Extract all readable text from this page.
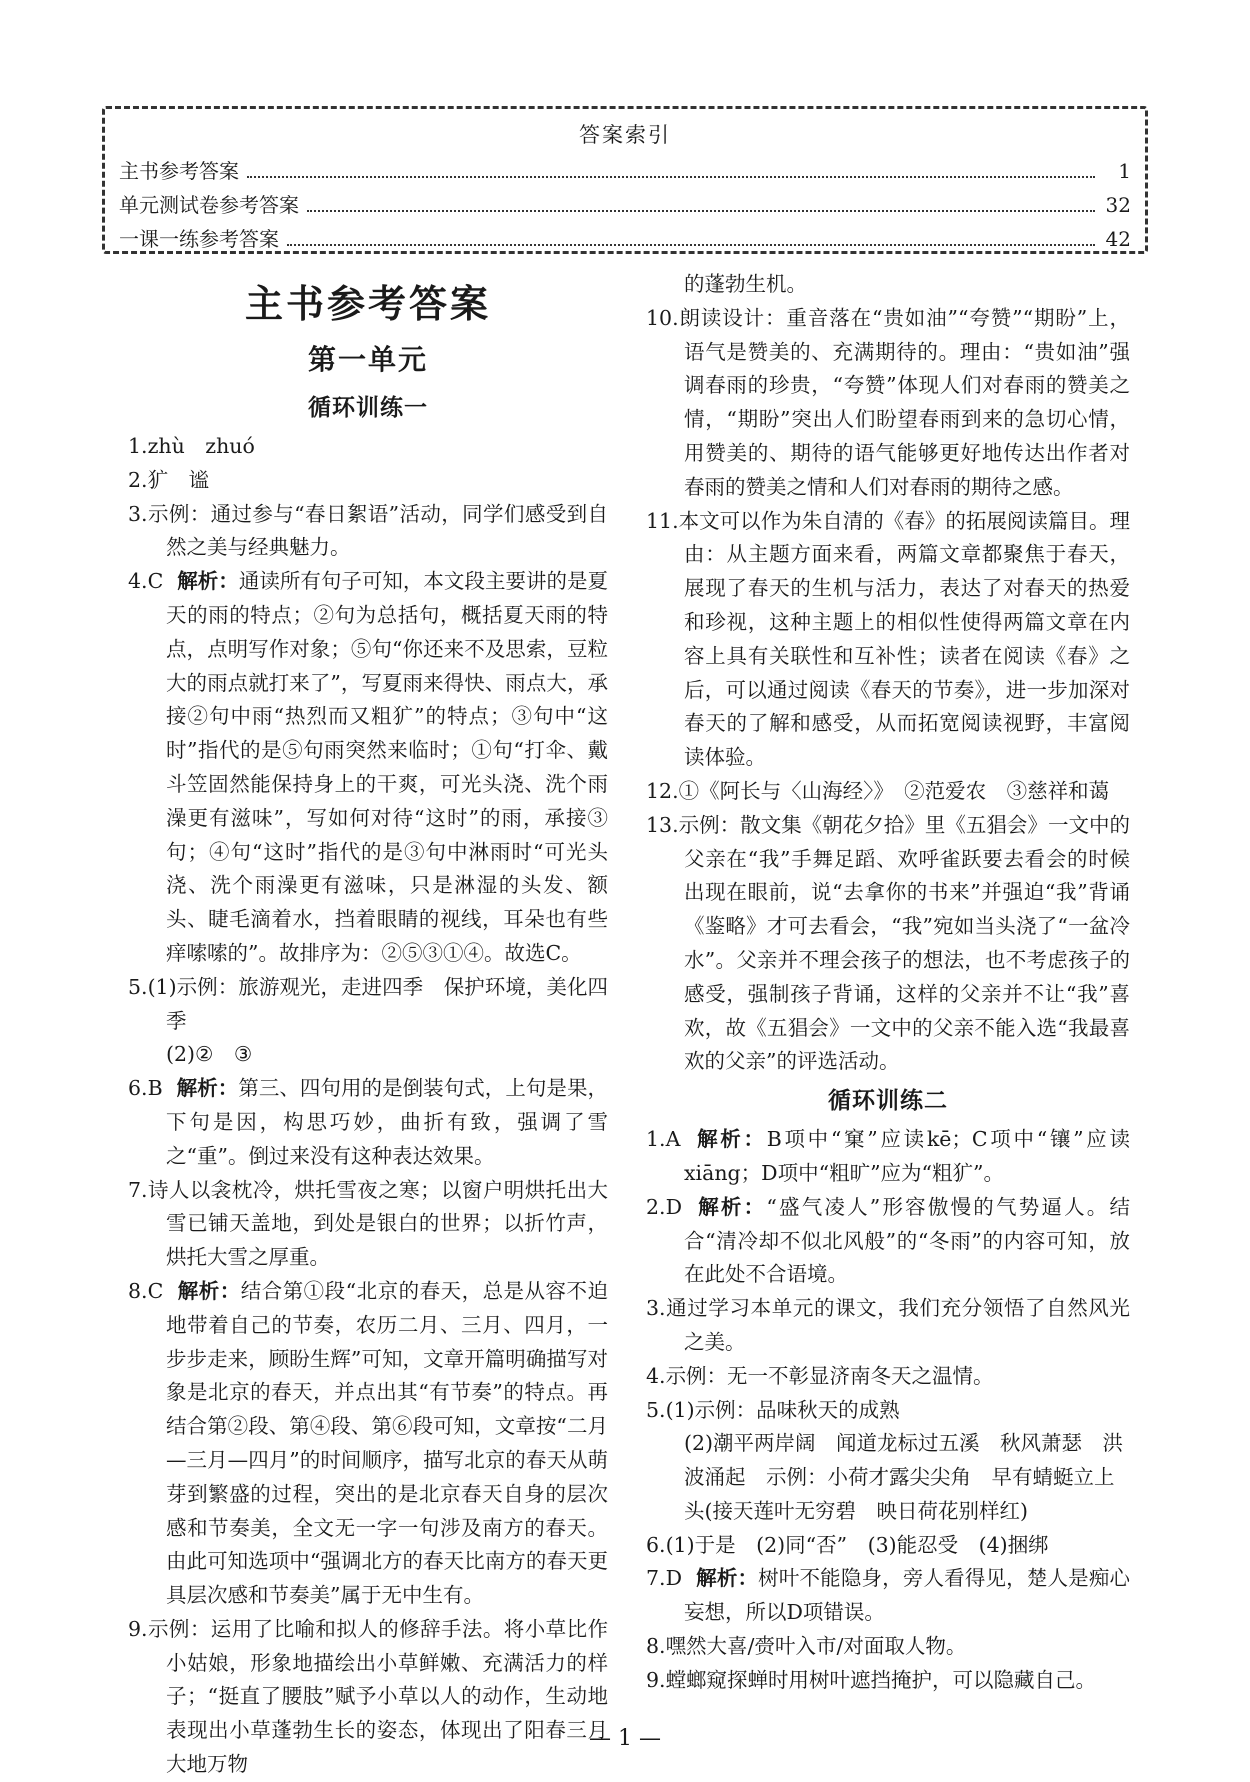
答案索引
主书参考答案	1
单元测试卷参考答案	32
一课一练参考答案	42
主书参考答案
第一单元
循环训练一
1.zhù　zhuó
2.犷　谧
3.示例：通过参与“春日絮语”活动，同学们感受到自然之美与经典魅力。
4.C 解析：通读所有句子可知，本文段主要讲的是夏天的雨的特点；②句为总括句，概括夏天雨的特点，点明写作对象；⑤句“你还来不及思索，豆粒大的雨点就打来了”，写夏雨来得快、雨点大，承接②句中雨“热烈而又粗犷”的特点；③句中“这时”指代的是⑤句雨突然来临时；①句“打伞、戴斗笠固然能保持身上的干爽，可光头浇、洗个雨澡更有滋味”，写如何对待“这时”的雨，承接③句；④句“这时”指代的是③句中淋雨时“可光头浇、洗个雨澡更有滋味，只是淋湿的头发、额头、睫毛滴着水，挡着眼睛的视线，耳朵也有些痒嗦嗦的”。故排序为：②⑤③①④。故选C。
5.(1)示例：旅游观光，走进四季　保护环境，美化四季
(2)②　③
6.B 解析：第三、四句用的是倒装句式，上句是果，下句是因，构思巧妙，曲折有致，强调了雪之“重”。倒过来没有这种表达效果。
7.诗人以衾枕冷，烘托雪夜之寒；以窗户明烘托出大雪已铺天盖地，到处是银白的世界；以折竹声，烘托大雪之厚重。
8.C 解析：结合第①段“北京的春天，总是从容不迫地带着自己的节奏，农历二月、三月、四月，一步步走来，顾盼生辉”可知，文章开篇明确描写对象是北京的春天，并点出其“有节奏”的特点。再结合第②段、第④段、第⑥段可知，文章按“二月—三月—四月”的时间顺序，描写北京的春天从萌芽到繁盛的过程，突出的是北京春天自身的层次感和节奏美，全文无一字一句涉及南方的春天。由此可知选项中“强调北方的春天比南方的春天更具层次感和节奏美”属于无中生有。
9.示例：运用了比喻和拟人的修辞手法。将小草比作小姑娘，形象地描绘出小草鲜嫩、充满活力的样子；“挺直了腰肢”赋予小草以人的动作，生动地表现出小草蓬勃生长的姿态，体现出了阳春三月大地万物
的蓬勃生机。
10.朗读设计：重音落在“贵如油”“夸赞”“期盼”上，语气是赞美的、充满期待的。理由：“贵如油”强调春雨的珍贵，“夸赞”体现人们对春雨的赞美之情，“期盼”突出人们盼望春雨到来的急切心情，用赞美的、期待的语气能够更好地传达出作者对春雨的赞美之情和人们对春雨的期待之感。
11.本文可以作为朱自清的《春》的拓展阅读篇目。理由：从主题方面来看，两篇文章都聚焦于春天，展现了春天的生机与活力，表达了对春天的热爱和珍视，这种主题上的相似性使得两篇文章在内容上具有关联性和互补性；读者在阅读《春》之后，可以通过阅读《春天的节奏》，进一步加深对春天的了解和感受，从而拓宽阅读视野，丰富阅读体验。
12.①《阿长与〈山海经〉》　②范爱农　③慈祥和蔼
13.示例：散文集《朝花夕拾》里《五猖会》一文中的父亲在“我”手舞足蹈、欢呼雀跃要去看会的时候出现在眼前，说“去拿你的书来”并强迫“我”背诵《鉴略》才可去看会，“我”宛如当头浇了“一盆冷水”。父亲并不理会孩子的想法，也不考虑孩子的感受，强制孩子背诵，这样的父亲并不让“我”喜欢，故《五猖会》一文中的父亲不能入选“我最喜欢的父亲”的评选活动。
循环训练二
1.A 解析：B项中“窠”应读kē；C项中“镶”应读xiāng；D项中“粗旷”应为“粗犷”。
2.D 解析：“盛气凌人”形容傲慢的气势逼人。结合“清冷却不似北风般”的“冬雨”的内容可知，放在此处不合语境。
3.通过学习本单元的课文，我们充分领悟了自然风光之美。
4.示例：无一不彰显济南冬天之温情。
5.(1)示例：品味秋天的成熟
(2)潮平两岸阔　闻道龙标过五溪　秋风萧瑟　洪波涌起　示例：小荷才露尖尖角　早有蜻蜓立上头(接天莲叶无穷碧　映日荷花别样红)
6.(1)于是　(2)同“否”　(3)能忍受　(4)捆绑
7.D 解析：树叶不能隐身，旁人看得见，楚人是痴心妄想，所以D项错误。
8.嘿然大喜/赍叶入市/对面取人物。
9.螳螂窥探蝉时用树叶遮挡掩护，可以隐藏自己。
— 1 —
